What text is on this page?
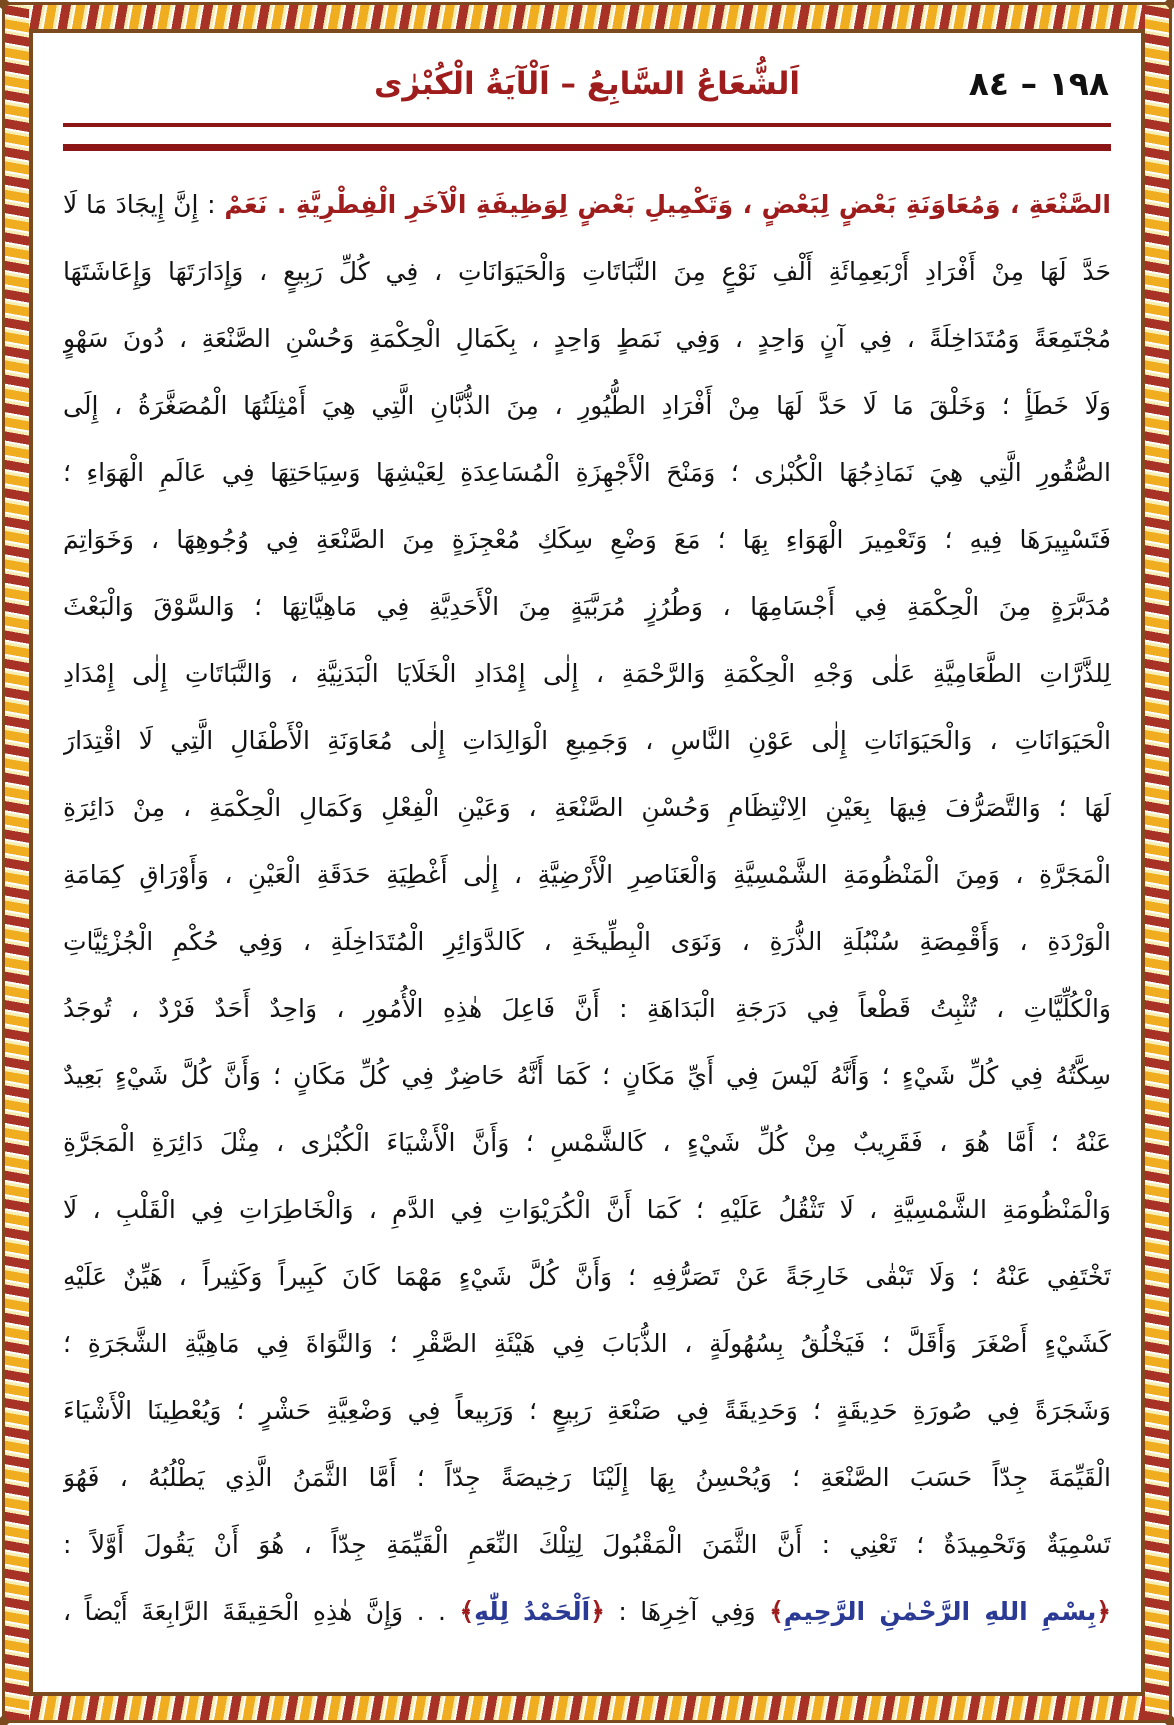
اَلشُّعَاعُ السَّابِعُ – اَلْآيَةُ الْكُبْرٰى	١٩٨ – ٨٤
الصَّنْعَةِ ، وَمُعَاوَنَةِ بَعْضٍ لِبَعْضٍ ، وَتَكْمِيلِ بَعْضٍ لِوَظِيفَةِ الْآخَرِ الْفِطْرِيَّةِ . نَعَمْ : إِنَّ إِيجَادَ مَا لَا
حَدَّ لَهَا مِنْ أَفْرَادِ أَرْبَعِمِائَةِ أَلْفِ نَوْعٍ مِنَ النَّبَاتَاتِ وَالْحَيَوَانَاتِ ، فِي كُلِّ رَبِيعٍ ، وَإِدَارَتَهَا وَإِعَاشَتَهَا
مُجْتَمِعَةً وَمُتَدَاخِلَةً ، فِي آنٍ وَاحِدٍ ، وَفِي نَمَطٍ وَاحِدٍ ، بِكَمَالِ الْحِكْمَةِ وَحُسْنِ الصَّنْعَةِ ، دُونَ سَهْوٍ
وَلَا خَطَأٍ ؛ وَخَلْقَ مَا لَا حَدَّ لَهَا مِنْ أَفْرَادِ الطُّيُورِ ، مِنَ الذُّبَّانِ الَّتِي هِيَ أَمْثِلَتُهَا الْمُصَغَّرَةُ ، إِلَى
الصُّقُورِ الَّتِي هِيَ نَمَاذِجُهَا الْكُبْرٰى ؛ وَمَنْحَ الْأَجْهِزَةِ الْمُسَاعِدَةِ لِعَيْشِهَا وَسِيَاحَتِهَا فِي عَالَمِ الْهَوَاءِ ؛
فَتَسْيِيرَهَا فِيهِ ؛ وَتَعْمِيرَ الْهَوَاءِ بِهَا ؛ مَعَ وَضْعِ سِكَكِ مُعْجِزَةٍ مِنَ الصَّنْعَةِ فِي وُجُوهِهَا ، وَخَوَاتِمَ
مُدَبَّرَةٍ مِنَ الْحِكْمَةِ فِي أَجْسَامِهَا ، وَطُرُزٍ مُرَبَّيَةٍ مِنَ الْأَحَدِيَّةِ فِي مَاهِيَّاتِهَا ؛ وَالسَّوْقَ وَالْبَعْثَ
لِلذَّرَّاتِ الطَّعَامِيَّةِ عَلٰى وَجْهِ الْحِكْمَةِ وَالرَّحْمَةِ ، إِلٰى إِمْدَادِ الْخَلَايَا الْبَدَنِيَّةِ ، وَالنَّبَاتَاتِ إِلٰى إِمْدَادِ
الْحَيَوَانَاتِ ، وَالْحَيَوَانَاتِ إِلٰى عَوْنِ النَّاسِ ، وَجَمِيعِ الْوَالِدَاتِ إِلٰى مُعَاوَنَةِ الْأَطْفَالِ الَّتِي لَا اقْتِدَارَ
لَهَا ؛ وَالتَّصَرُّفَ فِيهَا بِعَيْنِ الِانْتِظَامِ وَحُسْنِ الصَّنْعَةِ ، وَعَيْنِ الْفِعْلِ وَكَمَالِ الْحِكْمَةِ ، مِنْ دَائِرَةِ
الْمَجَرَّةِ ، وَمِنَ الْمَنْظُومَةِ الشَّمْسِيَّةِ وَالْعَنَاصِرِ الْأَرْضِيَّةِ ، إِلٰى أَغْطِيَةِ حَدَقَةِ الْعَيْنِ ، وَأَوْرَاقِ كِمَامَةِ
الْوَرْدَةِ ، وَأَقْمِصَةِ سُنْبُلَةِ الذُّرَةِ ، وَنَوَى الْبِطِّيخَةِ ، كَالدَّوَائِرِ الْمُتَدَاخِلَةِ ، وَفِي حُكْمِ الْجُزْئِيَّاتِ
وَالْكُلِّيَّاتِ ، تُثْبِتُ قَطْعاً فِي دَرَجَةِ الْبَدَاهَةِ : أَنَّ فَاعِلَ هٰذِهِ الْأُمُورِ ، وَاحِدٌ أَحَدٌ فَرْدٌ ، تُوجَدُ
سِكَّتُهُ فِي كُلِّ شَيْءٍ ؛ وَأَنَّهُ لَيْسَ فِي أَيِّ مَكَانٍ ؛ كَمَا أَنَّهُ حَاضِرٌ فِي كُلِّ مَكَانٍ ؛ وَأَنَّ كُلَّ شَيْءٍ بَعِيدٌ
عَنْهُ ؛ أَمَّا هُوَ ، فَقَرِيبٌ مِنْ كُلِّ شَيْءٍ ، كَالشَّمْسِ ؛ وَأَنَّ الْأَشْيَاءَ الْكُبْرٰى ، مِثْلَ دَائِرَةِ الْمَجَرَّةِ
وَالْمَنْظُومَةِ الشَّمْسِيَّةِ ، لَا تَثْقُلُ عَلَيْهِ ؛ كَمَا أَنَّ الْكُرَيْوَاتِ فِي الدَّمِ ، وَالْخَاطِرَاتِ فِي الْقَلْبِ ، لَا
تَخْتَفِي عَنْهُ ؛ وَلَا تَبْقٰى خَارِجَةً عَنْ تَصَرُّفِهِ ؛ وَأَنَّ كُلَّ شَيْءٍ مَهْمَا كَانَ كَبِيراً وَكَثِيراً ، هَيِّنٌ عَلَيْهِ
كَشَيْءٍ أَصْغَرَ وَأَقَلَّ ؛ فَيَخْلُقُ بِسُهُولَةٍ ، الذُّبَابَ فِي هَيْئَةِ الصَّقْرِ ؛ وَالنَّوَاةَ فِي مَاهِيَّةِ الشَّجَرَةِ ؛
وَشَجَرَةً فِي صُورَةِ حَدِيقَةٍ ؛ وَحَدِيقَةً فِي صَنْعَةِ رَبِيعٍ ؛ وَرَبِيعاً فِي وَضْعِيَّةِ حَشْرٍ ؛ وَيُعْطِينَا الْأَشْيَاءَ
الْقَيِّمَةَ جِدّاً حَسَبَ الصَّنْعَةِ ؛ وَيُحْسِنُ بِهَا إِلَيْنَا رَخِيصَةً جِدّاً ؛ أَمَّا الثَّمَنُ الَّذِي يَطْلُبُهُ ، فَهُوَ
تَسْمِيَةٌ وَتَحْمِيدَةٌ ؛ تَعْنِي : أَنَّ الثَّمَنَ الْمَقْبُولَ لِتِلْكَ النِّعَمِ الْقَيِّمَةِ جِدّاً ، هُوَ أَنْ يَقُولَ أَوَّلاً :
﴿بِسْمِ اللهِ الرَّحْمٰنِ الرَّحِيمِ﴾ وَفِي آخِرِهَا : ﴿اَلْحَمْدُ لِلّٰهِ﴾ . . وَإِنَّ هٰذِهِ الْحَقِيقَةَ الرَّابِعَةَ أَيْضاً ،
